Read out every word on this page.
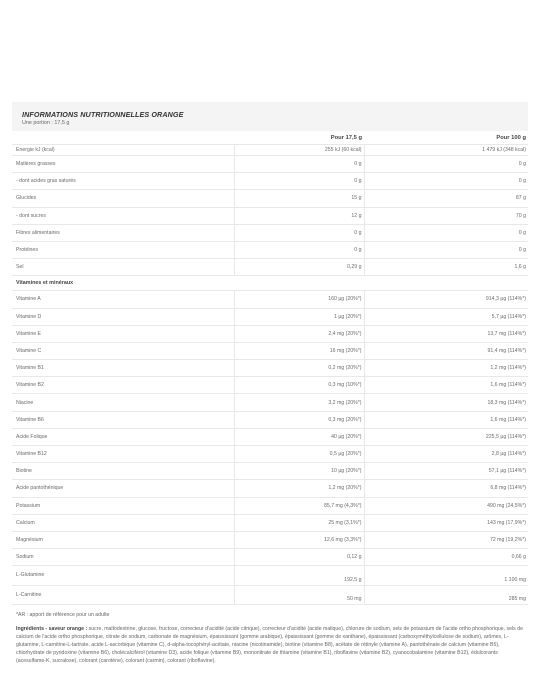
INFORMATIONS NUTRITIONNELLES ORANGE
Une portion : 17,5 g
	Pour 17,5 g	Pour 100 g
Energie kJ (kcal)	255 kJ (60 kcal)	1 479 kJ (348 kcal)
Matières grasses	0 g	0 g
- dont acides gras saturés	0 g	0 g
Glucides	15 g	87 g
- dont sucres	12 g	70 g
Fibres alimentaires	0 g	0 g
Protéines	0 g	0 g
Sel	0,29 g	1,6 g
Vitamines et minéraux		
Vitamine A	160 µg (20%*)	914,3 µg (114%*)
Vitamine D	1 µg (20%*)	5,7 µg (114%*)
Vitamine E	2,4 mg (20%*)	13,7 mg (114%*)
Vitamine C	16 mg (20%*)	91,4 mg (114%*)
Vitamine B1	0,2 mg (20%*)	1,2 mg (114%*)
Vitamine B2	0,3 mg (10%*)	1,6 mg (114%*)
Niacine	3,2 mg (20%*)	18,3 mg (114%*)
Vitamine B6	0,3 mg (20%*)	1,6 mg (114%*)
Acide Folique	40 µg (20%*)	225,5 µg (114%*)
Vitamine B12	0,5 µg (20%*)	2,8 µg (114%*)
Biotine	10 µg (20%*)	57,1 µg (114%*)
Acide pantothénique	1,2 mg (20%*)	6,8 mg (114%*)
Potassium	85,7 mg (4,3%*)	490 mg (24,5%*)
Calcium	25 mg (3,1%*)	143 mg (17,9%*)
Magnésium	12,6 mg (3,3%*)	72 mg (19,2%*)
Sodium	0,12 g	0,66 g
L-Glutamine	192,5 g	1 100 mg
L-Carnitine	50 mg	285 mg
*AR : apport de référence pour un adulte
Ingrédients - saveur orange : sucre, maltodextrine, glucose, fructose, correcteur d'acidité (acide citrique), correcteur d'acidité (acide malique), chlorure de sodium, sels de potassium de l'acide ortho phosphorique, sels de calcium de l'acide ortho phosphorique, citrate de sodium, carbonate de magnésium, épaississant (gomme arabique), épaississant (gomme de xanthane), épaississant (carboxyméthylcellulose de sodium), arômes, L-glutamine, L-carnitine-L-tartrate, acide L-ascorbique (vitamine C), d-alpha-tocophéryl-acétate, niacine (nicotinamide), biotine (vitamine B8), acétate de rétinyle (vitamine A), pantothénate de calcium (vitamine B5), chlorhydrate de pyridoxine (vitamine B6), cholécalciférol (vitamine D3), acide folique (vitamine B9), mononitrate de thiamine (vitamine B1), riboflavine (vitamine B2), cyanocobalamine (vitamine B12), édulcorants (acesulfame-K, sucralose), colorant (carotène), colorant (carmin), colorant (riboflavine).
